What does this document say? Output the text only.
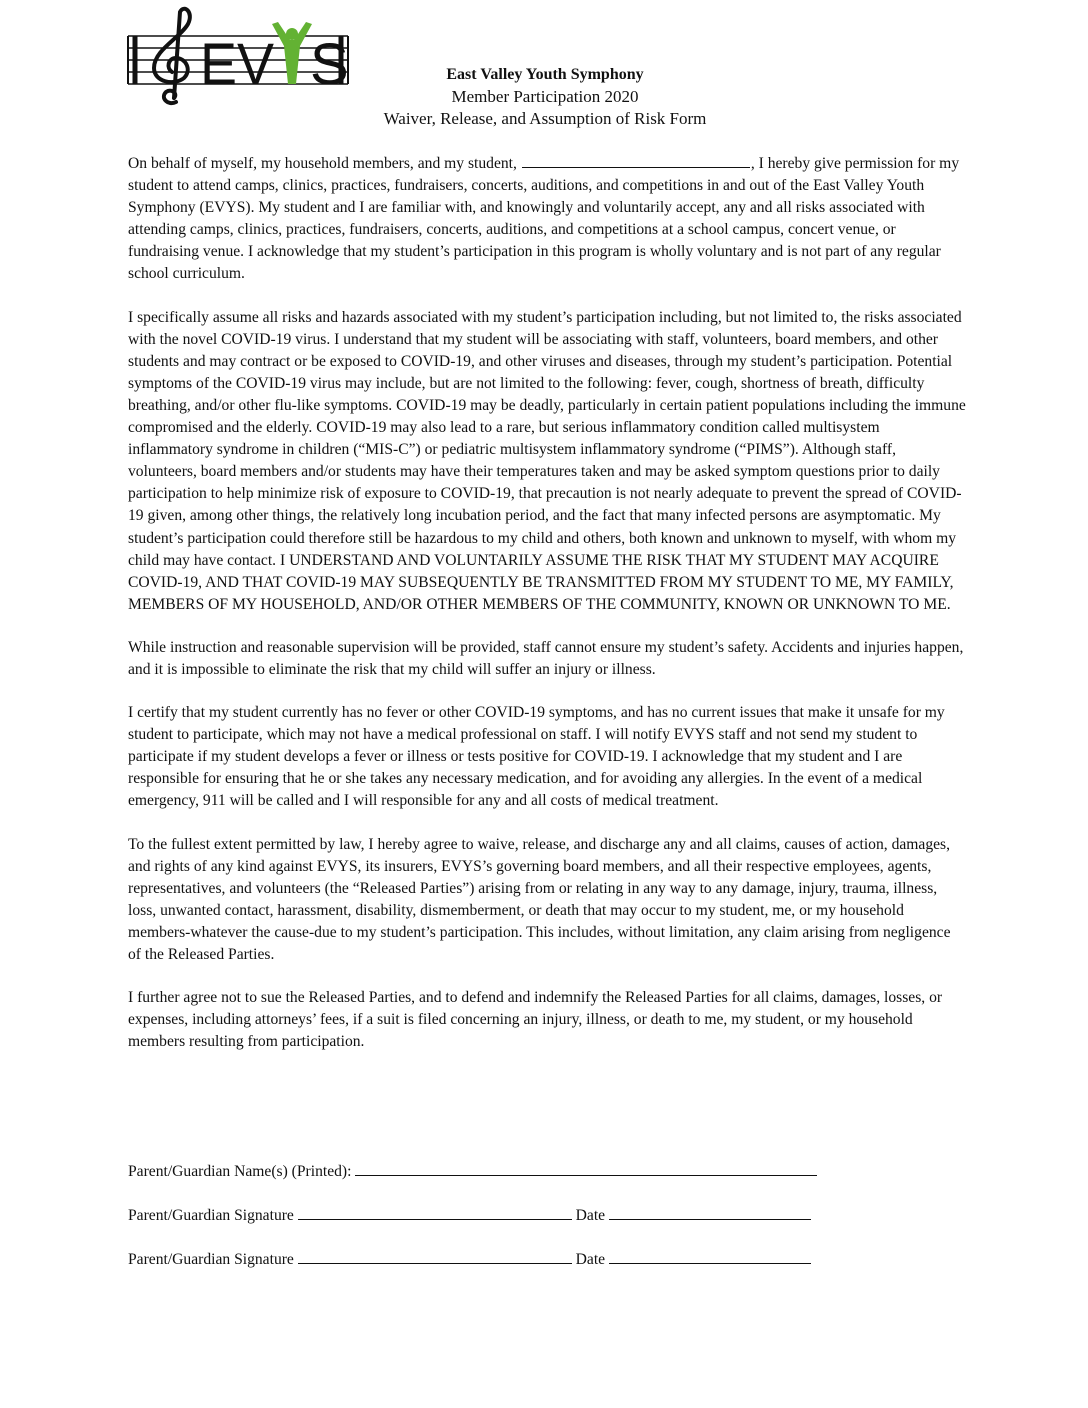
EV S	East Valley Youth Symphony
Member Participation 2020
Waiver, Release, and Assumption of Risk Form

On behalf of myself, my household members, and my student,	, I hereby give permission for my student to attend camps, clinics, practices, fundraisers, concerts, auditions, and competitions in and out of the East Valley Youth Symphony (EVYS). My student and I are familiar with, and knowingly and voluntarily accept, any and all risks associated with attending camps, clinics, practices, fundraisers, concerts, auditions, and competitions at a school campus, concert venue, or fundraising venue. I acknowledge that my student’s participation in this program is wholly voluntary and is not part of any regular school curriculum.

I specifically assume all risks and hazards associated with my student’s participation including, but not limited to, the risks associated with the novel COVID-19 virus. I understand that my student will be associating with staff, volunteers, board members, and other students and may contract or be exposed to COVID-19, and other viruses and diseases, through my student’s participation. Potential symptoms of the COVID-19 virus may include, but are not limited to the following: fever, cough, shortness of breath, difficulty breathing, and/or other flu-like symptoms. COVID-19 may be deadly, particularly in certain patient populations including the immune compromised and the elderly. COVID-19 may also lead to a rare, but serious inflammatory condition called multisystem inflammatory syndrome in children (“MIS-C”) or pediatric multisystem inflammatory syndrome (“PIMS”). Although staff, volunteers, board members and/or students may have their temperatures taken and may be asked symptom questions prior to daily participation to help minimize risk of exposure to COVID-19, that precaution is not nearly adequate to prevent the spread of COVID-19 given, among other things, the relatively long incubation period, and the fact that many infected persons are asymptomatic. My student’s participation could therefore still be hazardous to my child and others, both known and unknown to myself, with whom my child may have contact. I UNDERSTAND AND VOLUNTARILY ASSUME THE RISK THAT MY STUDENT MAY ACQUIRE COVID-19, AND THAT COVID-19 MAY SUBSEQUENTLY BE TRANSMITTED FROM MY STUDENT TO ME, MY FAMILY, MEMBERS OF MY HOUSEHOLD, AND/OR OTHER MEMBERS OF THE COMMUNITY, KNOWN OR UNKNOWN TO ME.

While instruction and reasonable supervision will be provided, staff cannot ensure my student’s safety. Accidents and injuries happen, and it is impossible to eliminate the risk that my child will suffer an injury or illness.

I certify that my student currently has no fever or other COVID-19 symptoms, and has no current issues that make it unsafe for my student to participate, which may not have a medical professional on staff. I will notify EVYS staff and not send my student to participate if my student develops a fever or illness or tests positive for COVID-19. I acknowledge that my student and I are responsible for ensuring that he or she takes any necessary medication, and for avoiding any allergies. In the event of a medical emergency, 911 will be called and I will responsible for any and all costs of medical treatment.

To the fullest extent permitted by law, I hereby agree to waive, release, and discharge any and all claims, causes of action, damages, and rights of any kind against EVYS, its insurers, EVYS’s governing board members, and all their respective employees, agents, representatives, and volunteers (the “Released Parties”) arising from or relating in any way to any damage, injury, trauma, illness, loss, unwanted contact, harassment, disability, dismemberment, or death that may occur to my student, me, or my household members-whatever the cause-due to my student’s participation. This includes, without limitation, any claim arising from negligence of the Released Parties.

I further agree not to sue the Released Parties, and to defend and indemnify the Released Parties for all claims, damages, losses, or expenses, including attorneys’ fees, if a suit is filed concerning an injury, illness, or death to me, my student, or my household members resulting from participation.

Parent/Guardian Name(s) (Printed):
Parent/Guardian Signature	Date
Parent/Guardian Signature	Date
